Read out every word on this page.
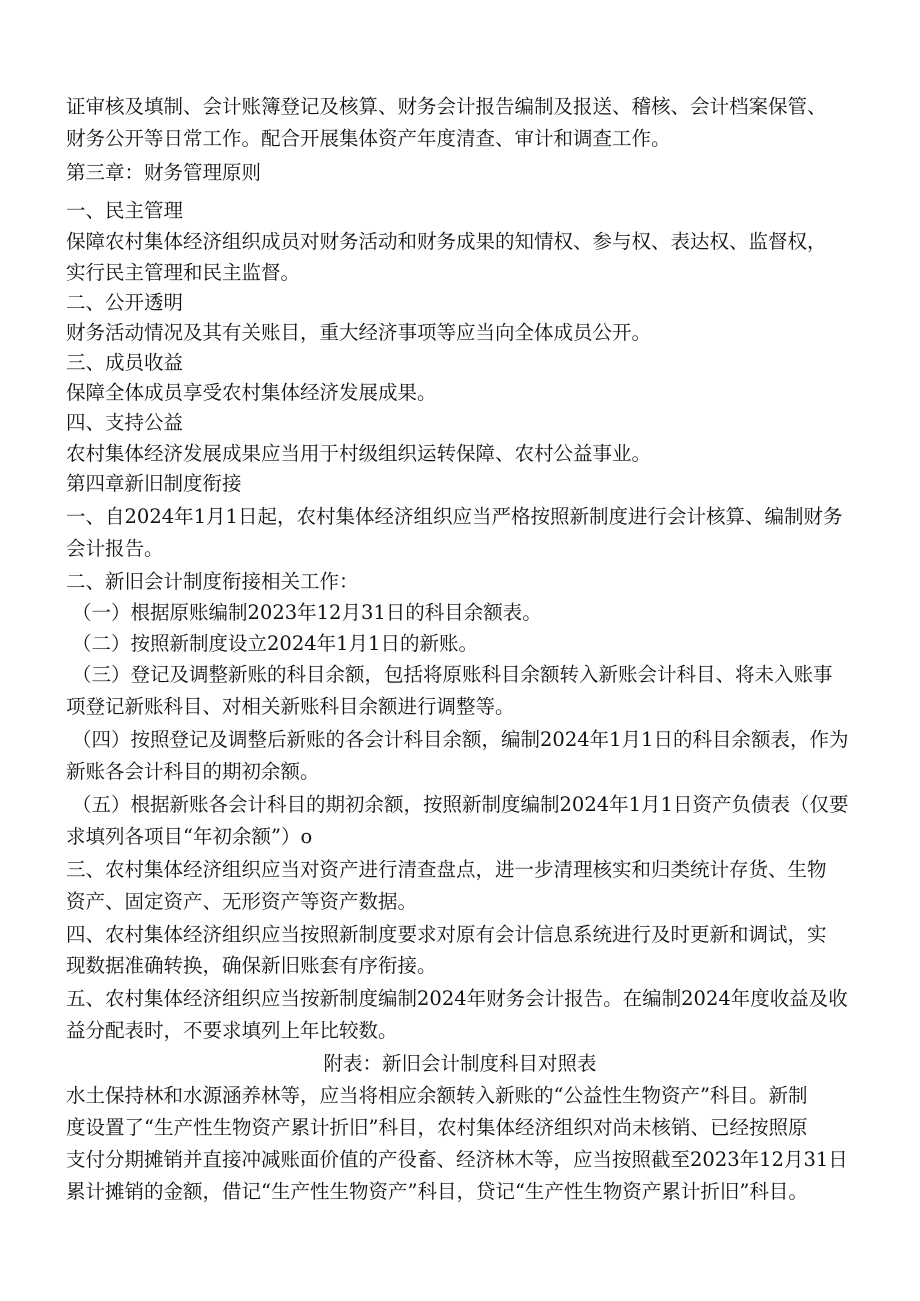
证审核及填制、会计账簿登记及核算、财务会计报告编制及报送、稽核、会计档案保管、
财务公开等日常工作。配合开展集体资产年度清查、审计和调查工作。
第三章：财务管理原则
一、民主管理
保障农村集体经济组织成员对财务活动和财务成果的知情权、参与权、表达权、监督权，
实行民主管理和民主监督。
二、公开透明
财务活动情况及其有关账目，重大经济事项等应当向全体成员公开。
三、成员收益
保障全体成员享受农村集体经济发展成果。
四、支持公益
农村集体经济发展成果应当用于村级组织运转保障、农村公益事业。
第四章新旧制度衔接
一、自2024年1月1日起，农村集体经济组织应当严格按照新制度进行会计核算、编制财务
会计报告。
二、新旧会计制度衔接相关工作：
（一）根据原账编制2023年12月31日的科目余额表。
（二）按照新制度设立2024年1月1日的新账。
（三）登记及调整新账的科目余额，包括将原账科目余额转入新账会计科目、将未入账事
项登记新账科目、对相关新账科目余额进行调整等。
（四）按照登记及调整后新账的各会计科目余额，编制2024年1月1日的科目余额表，作为
新账各会计科目的期初余额。
（五）根据新账各会计科目的期初余额，按照新制度编制2024年1月1日资产负债表（仅要
求填列各项目“年初余额”）o
三、农村集体经济组织应当对资产进行清查盘点，进一步清理核实和归类统计存货、生物
资产、固定资产、无形资产等资产数据。
四、农村集体经济组织应当按照新制度要求对原有会计信息系统进行及时更新和调试，实
现数据准确转换，确保新旧账套有序衔接。
五、农村集体经济组织应当按新制度编制2024年财务会计报告。在编制2024年度收益及收
益分配表时，不要求填列上年比较数。
附表：新旧会计制度科目对照表
水土保持林和水源涵养林等，应当将相应余额转入新账的“公益性生物资产”科目。新制
度设置了“生产性生物资产累计折旧”科目，农村集体经济组织对尚未核销、已经按照原
支付分期摊销并直接冲减账面价值的产役畜、经济林木等，应当按照截至2023年12月31日
累计摊销的金额，借记“生产性生物资产”科目，贷记“生产性生物资产累计折旧”科目。
